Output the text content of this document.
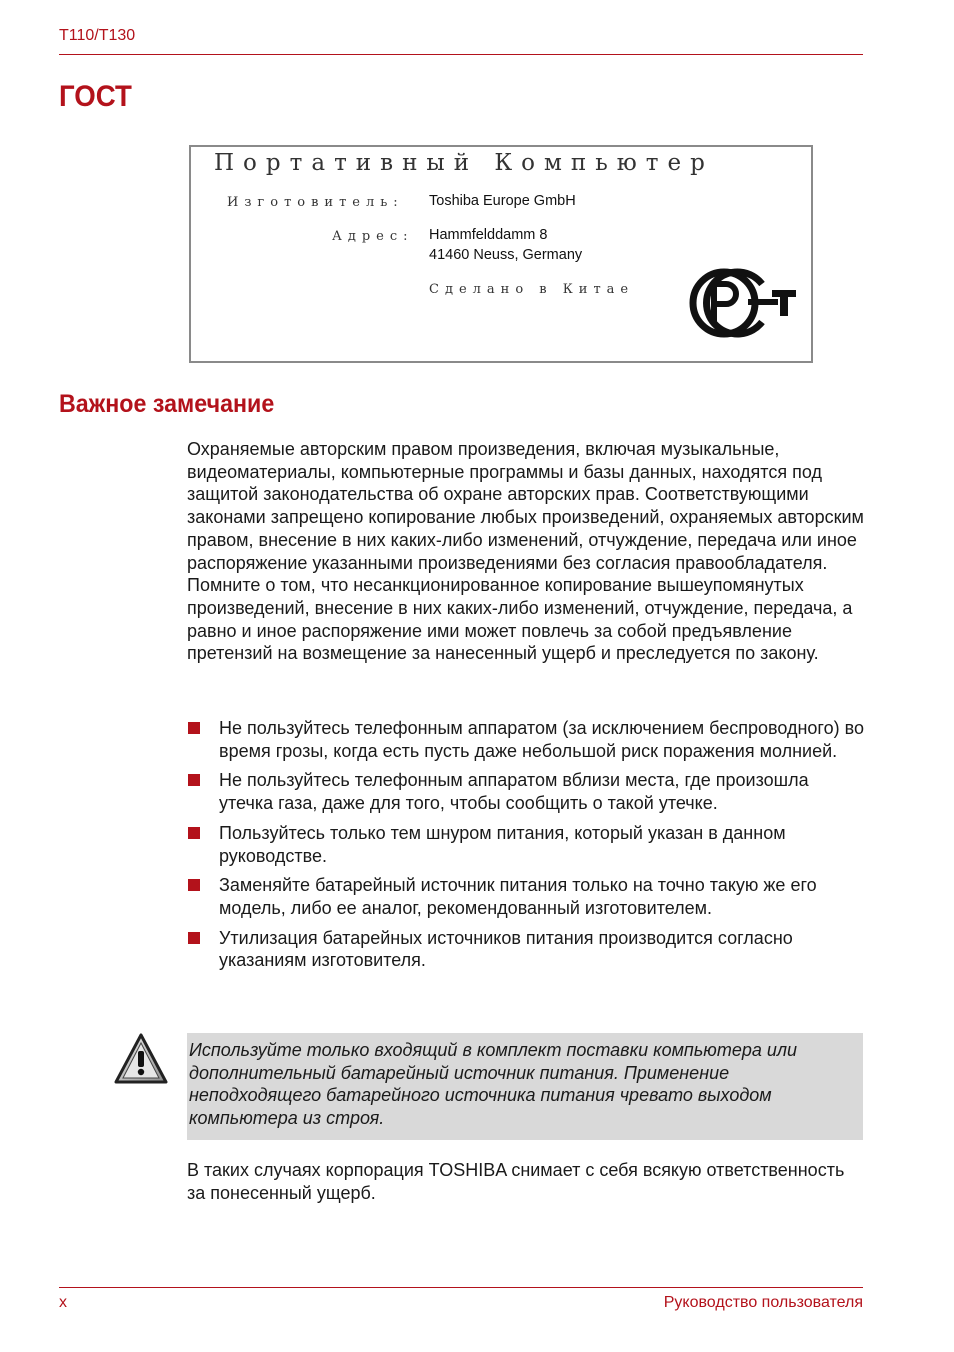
T110/T130
ГОСТ
Портативный Компьютер
Изготовитель: Toshiba Europe GmbH
Адрес: Hammfelddamm 8
41460 Neuss, Germany
Сделано в Китае
Важное замечание

Охраняемые авторским правом произведения, включая музыкальные, видеоматериалы, компьютерные программы и базы данных, находятся под защитой законодательства об охране авторских прав. Соответствующими законами запрещено копирование любых произведений, охраняемых авторским правом, внесение в них каких-либо изменений, отчуждение, передача или иное распоряжение указанными произведениями без согласия правообладателя. Помните о том, что несанкционированное копирование вышеупомянутых произведений, внесение в них каких-либо изменений, отчуждение, передача, а равно и иное распоряжение ими может повлечь за собой предъявление претензий на возмещение за нанесенный ущерб и преследуется по закону.

Не пользуйтесь телефонным аппаратом (за исключением беспроводного) во время грозы, когда есть пусть даже небольшой риск поражения молнией.
Не пользуйтесь телефонным аппаратом вблизи места, где произошла утечка газа, даже для того, чтобы сообщить о такой утечке.
Пользуйтесь только тем шнуром питания, который указан в данном руководстве.
Заменяйте батарейный источник питания только на точно такую же его модель, либо ее аналог, рекомендованный изготовителем.
Утилизация батарейных источников питания производится согласно указаниям изготовителя.

Используйте только входящий в комплект поставки компьютера или дополнительный батарейный источник питания. Применение неподходящего батарейного источника питания чревато выходом компьютера из строя.

В таких случаях корпорация TOSHIBA снимает с себя всякую ответственность за понесенный ущерб.

x	Руководство пользователя
